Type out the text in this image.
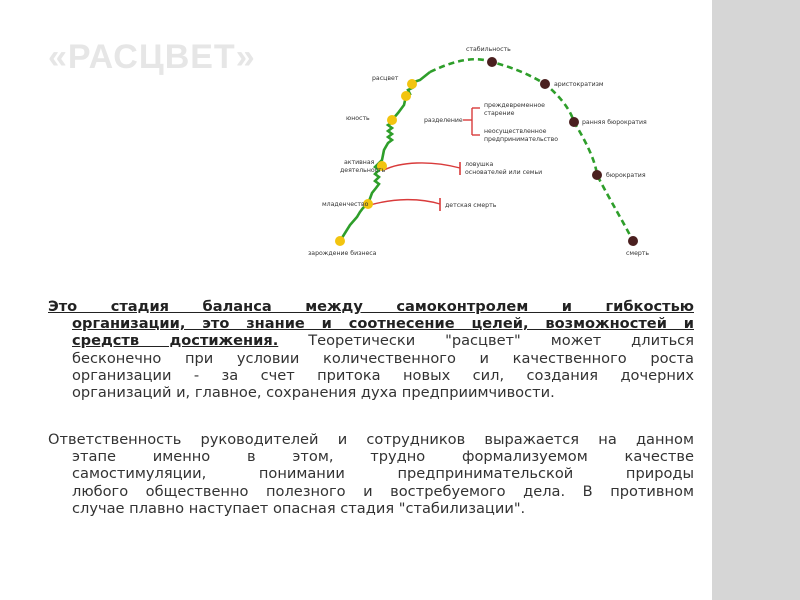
«РАСЦВЕТ»	стабильность
расцвет
аристократизм
юность	разделение	ранняя бюрократия
активная
деятельность
бюрократия
младенчество
зарождение бизнеса	смерть
преждевременное
старение
неосуществленное
предпринимательство
ловушка
основателей или семьи
детская смерть
Это стадия баланса между самоконтролем и гибкостью
организации, это знание и соотнесение целей, возможностей и
средств достижения. Теоретически "расцвет" может длиться
бесконечно при условии количественного и качественного роста
организации - за счет притока новых сил, создания дочерних
организаций и, главное, сохранения духа предприимчивости.
Ответственность руководителей и сотрудников выражается на данном
этапе именно в этом, трудно формализуемом качестве
самостимуляции, понимании предпринимательской природы
любого общественно полезного и востребуемого дела. В противном
случае плавно наступает опасная стадия "стабилизации".
